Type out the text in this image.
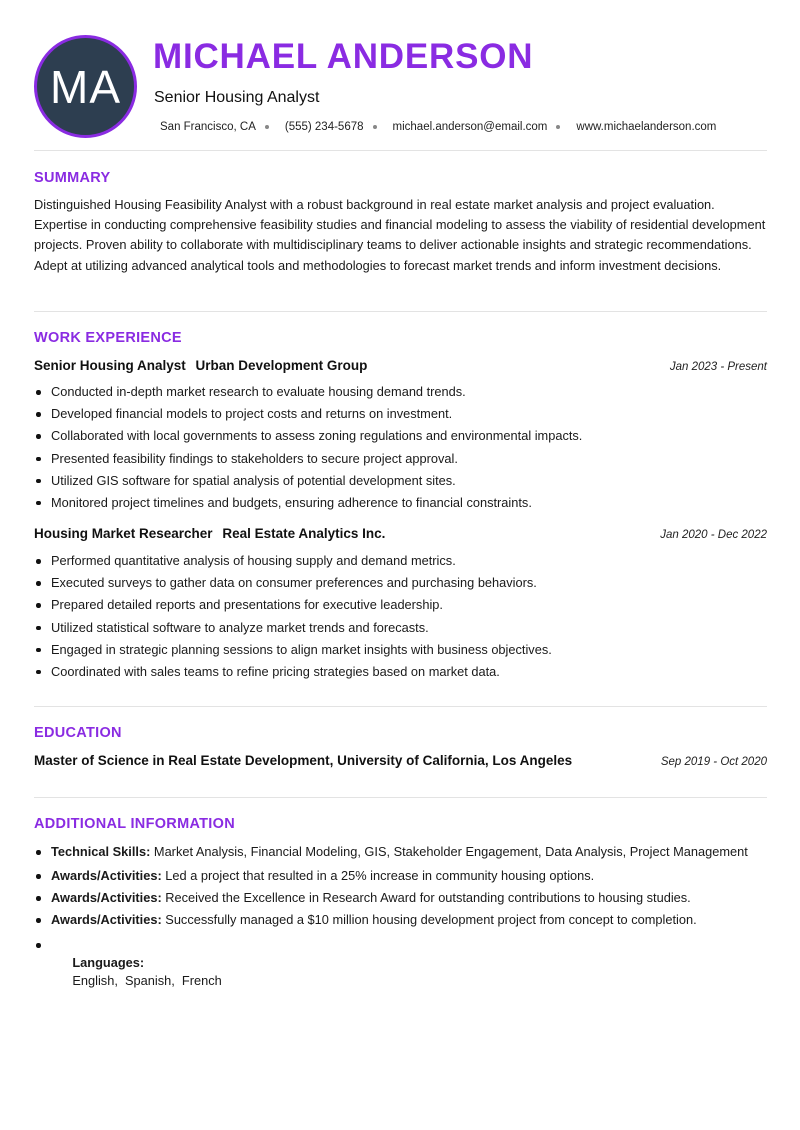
MA
MICHAEL ANDERSON
Senior Housing Analyst
San Francisco, CA	(555) 234-5678	michael.anderson@email.com	www.michaelanderson.com
SUMMARY
Distinguished Housing Feasibility Analyst with a robust background in real estate market analysis and project evaluation. Expertise in conducting comprehensive feasibility studies and financial modeling to assess the viability of residential development projects. Proven ability to collaborate with multidisciplinary teams to deliver actionable insights and strategic recommendations. Adept at utilizing advanced analytical tools and methodologies to forecast market trends and inform investment decisions.
WORK EXPERIENCE
Senior Housing Analyst Urban Development Group	Jan 2023 - Present
Conducted in-depth market research to evaluate housing demand trends.
Developed financial models to project costs and returns on investment.
Collaborated with local governments to assess zoning regulations and environmental impacts.
Presented feasibility findings to stakeholders to secure project approval.
Utilized GIS software for spatial analysis of potential development sites.
Monitored project timelines and budgets, ensuring adherence to financial constraints.
Housing Market Researcher Real Estate Analytics Inc.	Jan 2020 - Dec 2022
Performed quantitative analysis of housing supply and demand metrics.
Executed surveys to gather data on consumer preferences and purchasing behaviors.
Prepared detailed reports and presentations for executive leadership.
Utilized statistical software to analyze market trends and forecasts.
Engaged in strategic planning sessions to align market insights with business objectives.
Coordinated with sales teams to refine pricing strategies based on market data.
EDUCATION
Master of Science in Real Estate Development, University of California, Los Angeles	Sep 2019 - Oct 2020
ADDITIONAL INFORMATION
Technical Skills: Market Analysis, Financial Modeling, GIS, Stakeholder Engagement, Data Analysis, Project Management
Awards/Activities: Led a project that resulted in a 25% increase in community housing options.
Awards/Activities: Received the Excellence in Research Award for outstanding contributions to housing studies.
Awards/Activities: Successfully managed a $10 million housing development project from concept to completion.

Languages:
English,  Spanish,  French
